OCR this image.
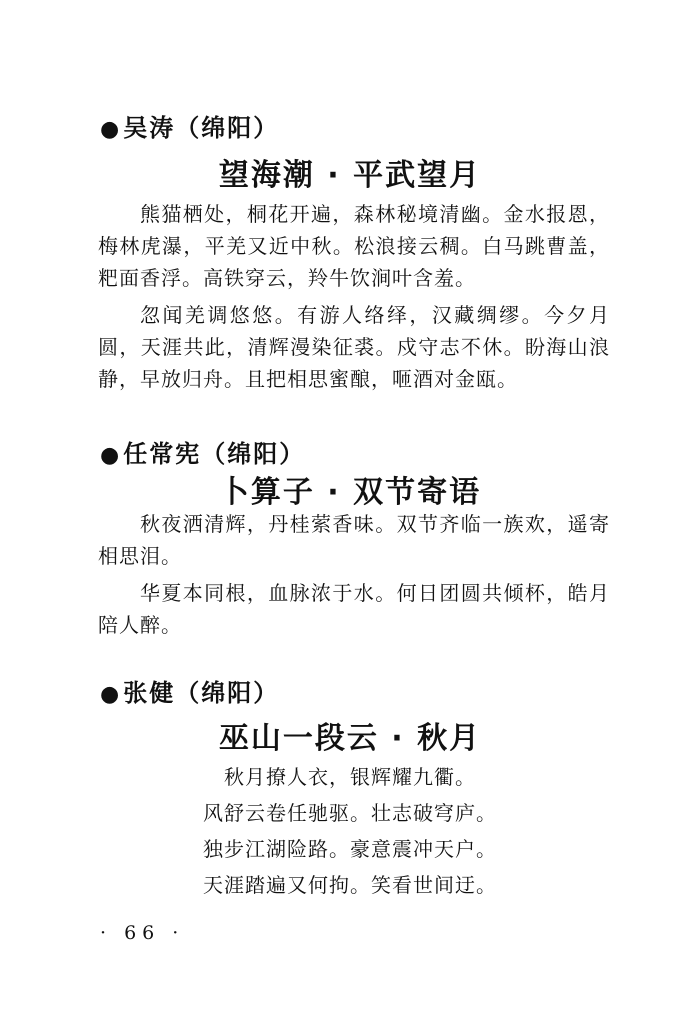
●吴涛（绵阳）
望海潮 · 平武望月

熊猫栖处，桐花开遍，森林秘境清幽。金水报恩，梅林虎瀑，平羌又近中秋。松浪接云稠。白马跳曹盖，粑面香浮。高铁穿云，羚牛饮涧叶含羞。

忽闻羌调悠悠。有游人络绎，汉藏绸缪。今夕月圆，天涯共此，清辉漫染征裘。戍守志不休。盼海山浪静，早放归舟。且把相思蜜酿，咂酒对金瓯。

●任常宪（绵阳）
卜算子 · 双节寄语

秋夜洒清辉，丹桂萦香味。双节齐临一族欢，遥寄相思泪。

华夏本同根，血脉浓于水。何日团圆共倾杯，皓月陪人醉。

●张健（绵阳）
巫山一段云 · 秋月
秋月撩人衣，银辉耀九衢。
风舒云卷任驰驱。壮志破穹庐。
独步江湖险路。豪意震冲天户。
天涯踏遍又何拘。笑看世间迂。
· 66 ·
